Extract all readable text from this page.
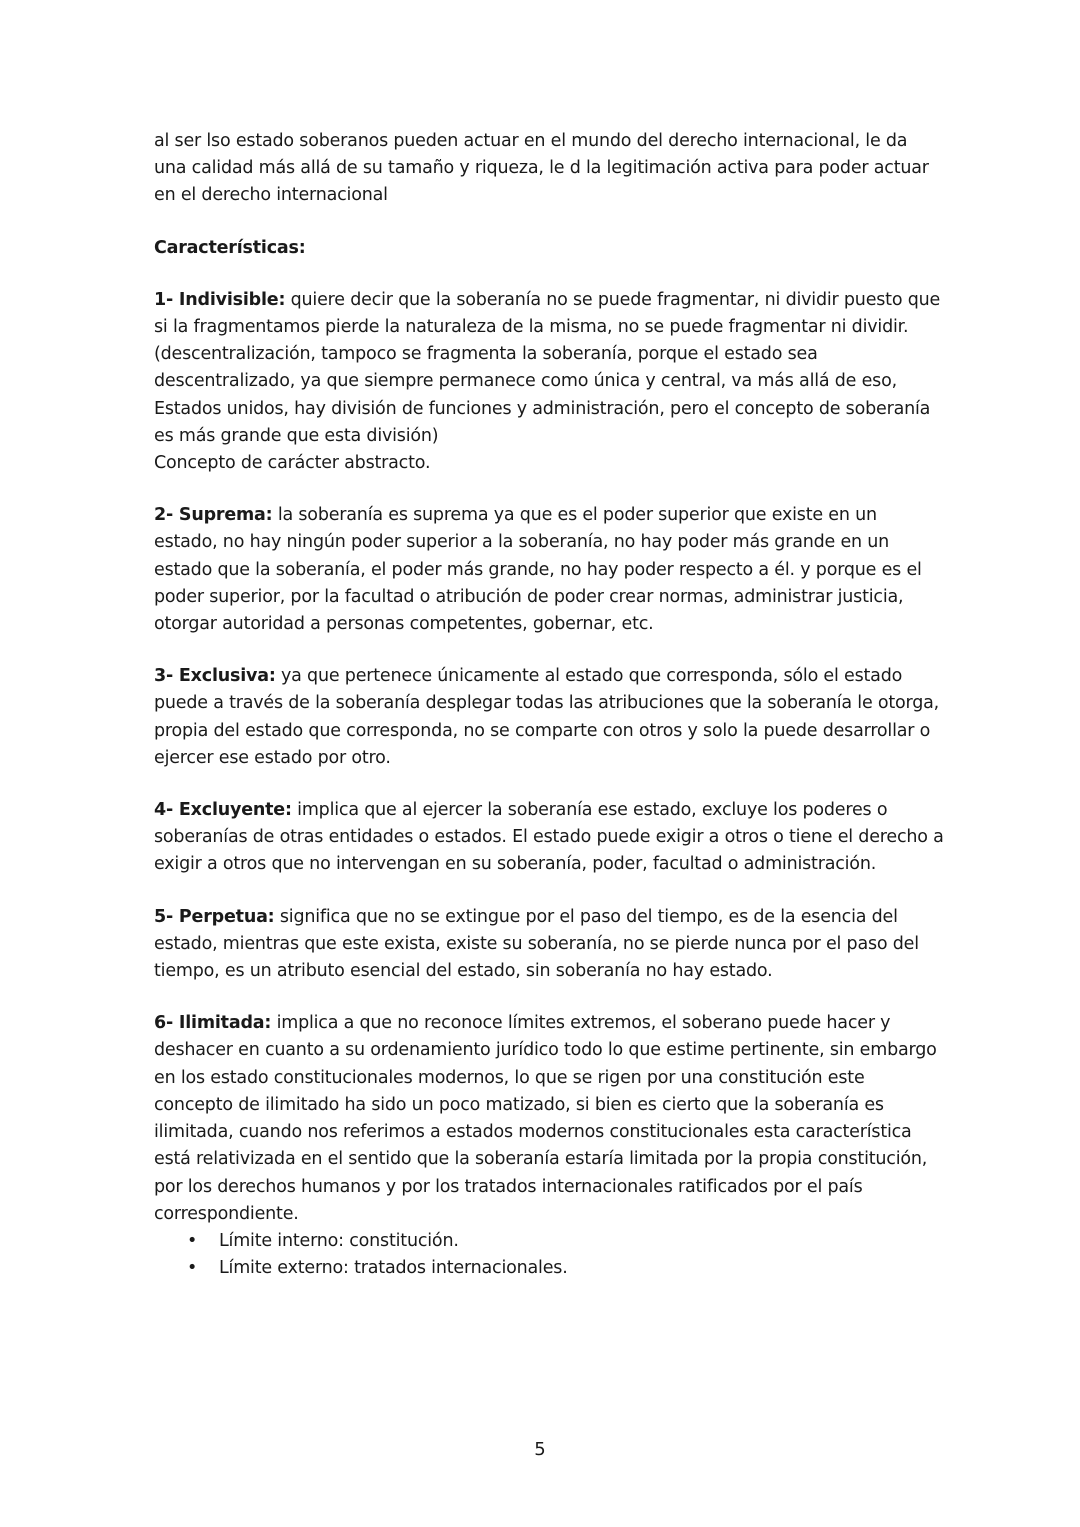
al ser lso estado soberanos pueden actuar en el mundo del derecho internacional, le da una calidad más allá de su tamaño y riqueza, le d la legitimación activa para poder actuar en el derecho internacional

Características:

1- Indivisible: quiere decir que la soberanía no se puede fragmentar, ni dividir puesto que si la fragmentamos pierde la naturaleza de la misma, no se puede fragmentar ni dividir.

(descentralización, tampoco se fragmenta la soberanía, porque el estado sea descentralizado, ya que siempre permanece como única y central, va más allá de eso, Estados unidos, hay división de funciones y administración, pero el concepto de soberanía es más grande que esta división)

Concepto de carácter abstracto.

2- Suprema: la soberanía es suprema ya que es el poder superior que existe en un estado, no hay ningún poder superior a la soberanía, no hay poder más grande en un estado que la soberanía, el poder más grande, no hay poder respecto a él. y porque es el poder superior, por la facultad o atribución de poder crear normas, administrar justicia, otorgar autoridad a personas competentes, gobernar, etc.

3- Exclusiva: ya que pertenece únicamente al estado que corresponda, sólo el estado puede a través de la soberanía desplegar todas las atribuciones que la soberanía le otorga, propia del estado que corresponda, no se comparte con otros y solo la puede desarrollar o ejercer ese estado por otro.

4- Excluyente: implica que al ejercer la soberanía ese estado, excluye los poderes o soberanías de otras entidades o estados. El estado puede exigir a otros o tiene el derecho a exigir a otros que no intervengan en su soberanía, poder, facultad o administración.

5- Perpetua: significa que no se extingue por el paso del tiempo, es de la esencia del estado, mientras que este exista, existe su soberanía, no se pierde nunca por el paso del tiempo, es un atributo esencial del estado, sin soberanía no hay estado.

6- Ilimitada: implica a que no reconoce límites extremos, el soberano puede hacer y deshacer en cuanto a su ordenamiento jurídico todo lo que estime pertinente, sin embargo en los estado constitucionales modernos, lo que se rigen por una constitución este concepto de ilimitado ha sido un poco matizado, si bien es cierto que la soberanía es ilimitada, cuando nos referimos a estados modernos constitucionales esta característica está relativizada en el sentido que la soberanía estaría limitada por la propia constitución, por los derechos humanos y por los tratados internacionales ratificados por el país correspondiente.

• Límite interno: constitución.
• Límite externo: tratados internacionales.
5
